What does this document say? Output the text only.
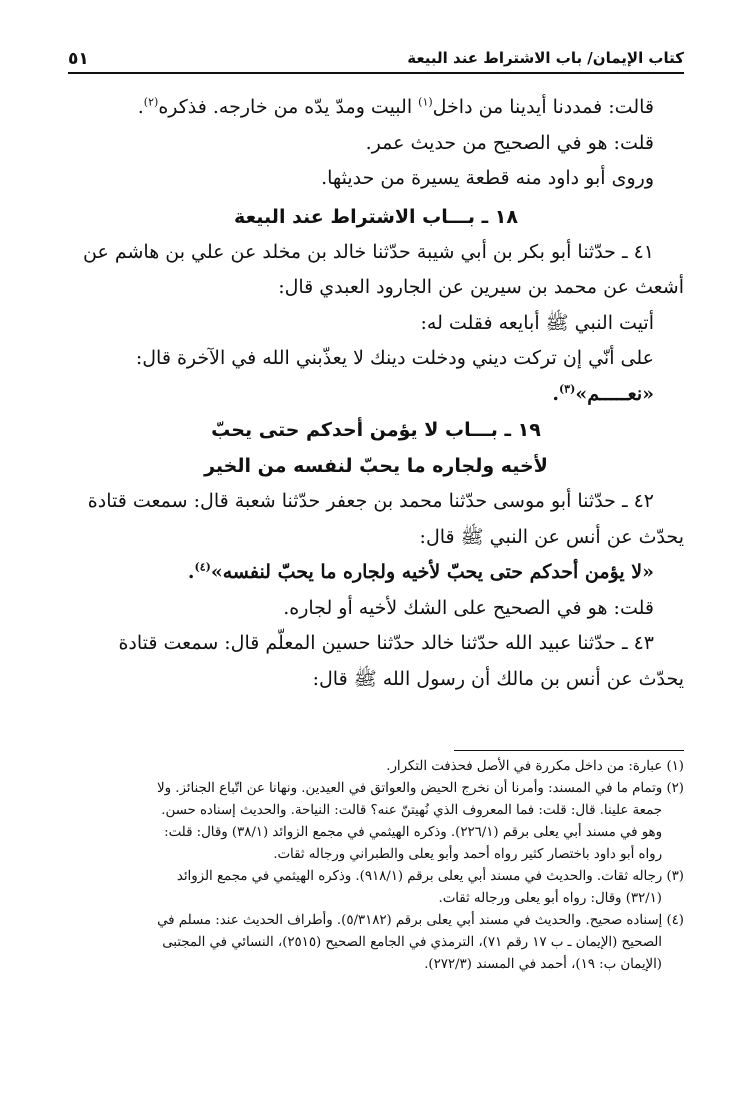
كتاب الإيمان/ باب الاشتراط عند البيعة
٥١

قالت: فمددنا أيدينا من داخل$^{(١)}$ البيت ومدّ يدّه من خارجه. فذكره$^{(٢)}$.

قلت: هو في الصحيح من حديث عمر.

وروى أبو داود منه قطعة يسيرة من حديثها.

١٨ ـ بـــاب الاشتراط عند البيعة

٤١ ـ حدّثنا أبو بكر بن أبي شيبة حدّثنا خالد بن مخلد عن علي بن هاشم عن

أشعث عن محمد بن سيرين عن الجارود العبدي قال:

أتيت النبي ﷺ أبايعه فقلت له:

على أنّي إن تركت ديني ودخلت دينك لا يعذّبني الله في الآخرة قال:

«نعـــــم»$^{(٣)}$.

١٩ ـ بـــاب لا يؤمن أحدكم حتى يحبّ

لأخيه ولجاره ما يحبّ لنفسه من الخير

٤٢ ـ حدّثنا أبو موسى حدّثنا محمد بن جعفر حدّثنا شعبة قال: سمعت قتادة

يحدّث عن أنس عن النبي ﷺ قال:

«لا يؤمن أحدكم حتى يحبّ لأخيه ولجاره ما يحبّ لنفسه»$^{(٤)}$.

قلت: هو في الصحيح على الشك لأخيه أو لجاره.

٤٣ ـ حدّثنا عبيد الله حدّثنا خالد حدّثنا حسين المعلّم قال: سمعت قتادة

يحدّث عن أنس بن مالك أن رسول الله ﷺ قال:

(١) عبارة: من داخل مكررة في الأصل فحذفت التكرار.

(٢) وتمام ما في المسند: وأمرنا أن نخرج الحيض والعواتق في العيدين. ونهانا عن اتّباع الجنائز. ولا

جمعة علينا. قال: قلت: فما المعروف الذي نُهيتنّ عنه؟ قالت: النياحة. والحديث إسناده حسن.

وهو في مسند أبي يعلى برقم (٢٢٦/١). وذكره الهيثمي في مجمع الزوائد (٣٨/١) وقال: قلت:

رواه أبو داود باختصار كثير رواه أحمد وأبو يعلى والطبراني ورجاله ثقات.

(٣) رجاله ثقات. والحديث في مسند أبي يعلى برقم (٩١٨/١). وذكره الهيثمي في مجمع الزوائد

(٣٢/١) وقال: رواه أبو يعلى ورجاله ثقات.

(٤) إسناده صحيح. والحديث في مسند أبي يعلى برقم (٥/٣١٨٢). وأطراف الحديث عند: مسلم في

الصحيح (الإيمان ـ ب ١٧ رقم ٧١)، الترمذي في الجامع الصحيح (٢٥١٥)، النسائي في المجتبى

(الإيمان ب: ١٩)، أحمد في المسند (٢٧٢/٣).
